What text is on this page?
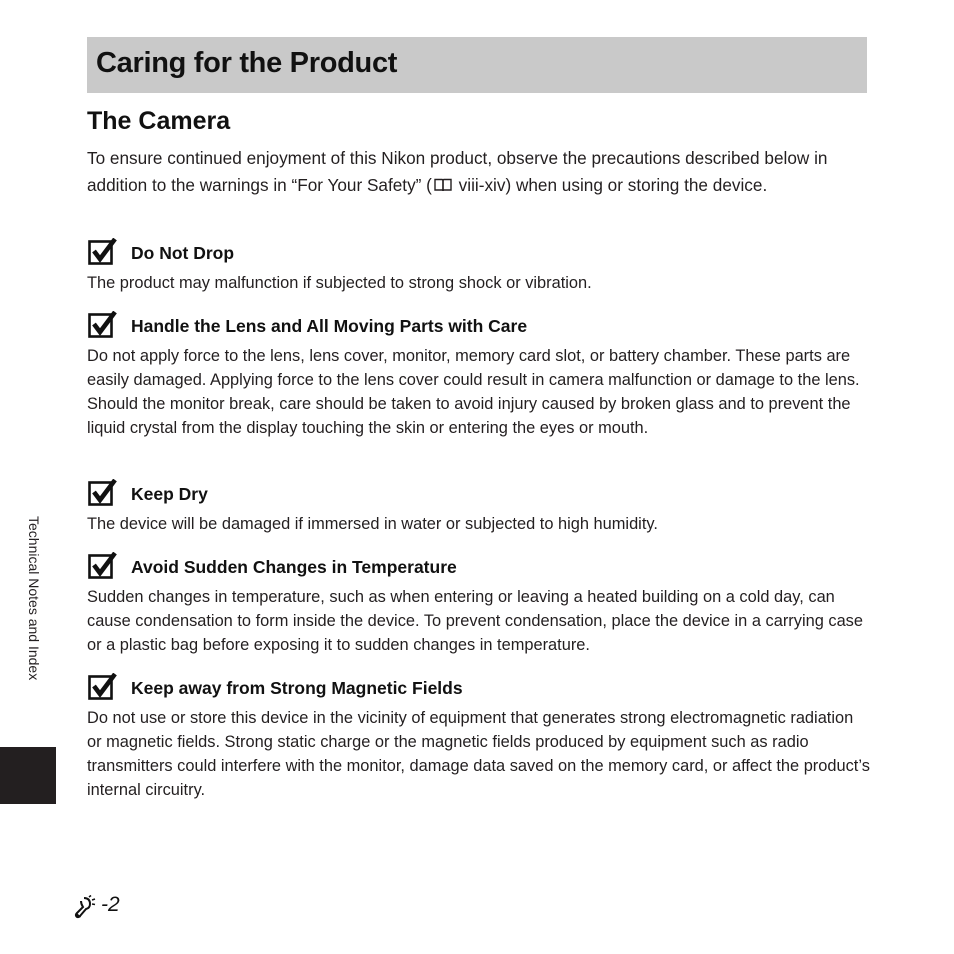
Caring for the Product
The Camera

To ensure continued enjoyment of this Nikon product, observe the precautions described below in addition to the warnings in “For Your Safety” ( viii-xiv) when using or storing the device.

Do Not Drop

The product may malfunction if subjected to strong shock or vibration.

Handle the Lens and All Moving Parts with Care

Do not apply force to the lens, lens cover, monitor, memory card slot, or battery chamber. These parts are easily damaged. Applying force to the lens cover could result in camera malfunction or damage to the lens. Should the monitor break, care should be taken to avoid injury caused by broken glass and to prevent the liquid crystal from the display touching the skin or entering the eyes or mouth.

Keep Dry

The device will be damaged if immersed in water or subjected to high humidity.

Avoid Sudden Changes in Temperature

Sudden changes in temperature, such as when entering or leaving a heated building on a cold day, can cause condensation to form inside the device. To prevent condensation, place the device in a carrying case or a plastic bag before exposing it to sudden changes in temperature.

Keep away from Strong Magnetic Fields

Do not use or store this device in the vicinity of equipment that generates strong electromagnetic radiation or magnetic fields. Strong static charge or the magnetic fields produced by equipment such as radio transmitters could interfere with the monitor, damage data saved on the memory card, or affect the product’s internal circuitry.

Technical Notes and Index
-2
